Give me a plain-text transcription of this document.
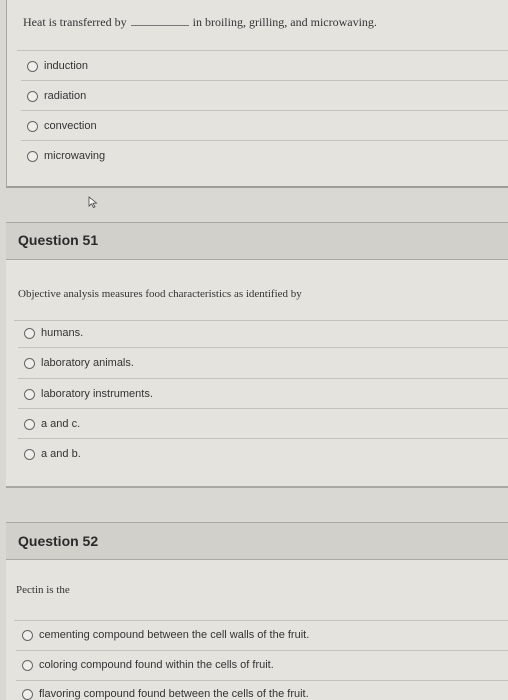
Heat is transferred by	in broiling, grilling, and microwaving.
induction
radiation
convection
microwaving
Question 51
Objective analysis measures food characteristics as identified by
humans.
laboratory animals.
laboratory instruments.
a and c.
a and b.
Question 52
Pectin is the
cementing compound between the cell walls of the fruit.
coloring compound found within the cells of fruit.
flavoring compound found between the cells of the fruit.
